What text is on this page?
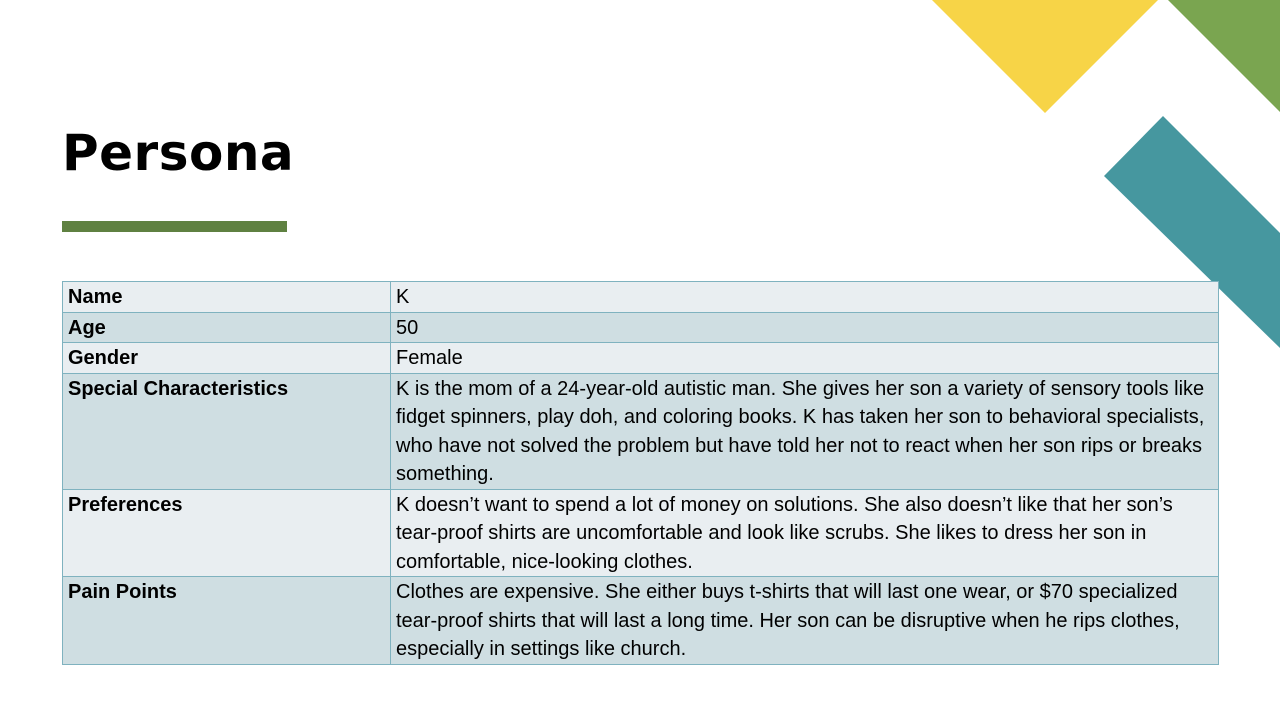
Persona
Name	K
Age	50
Gender	Female
Special Characteristics	K is the mom of a 24-year-old autistic man. She gives her son a variety of sensory tools like fidget spinners, play doh, and coloring books. K has taken her son to behavioral specialists, who have not solved the problem but have told her not to react when her son rips or breaks something.
Preferences	K doesn’t want to spend a lot of money on solutions. She also doesn’t like that her son’s tear-proof shirts are uncomfortable and look like scrubs. She likes to dress her son in comfortable, nice-looking clothes.
Pain Points	Clothes are expensive. She either buys t-shirts that will last one wear, or $70 specialized tear-proof shirts that will last a long time. Her son can be disruptive when he rips clothes, especially in settings like church.
